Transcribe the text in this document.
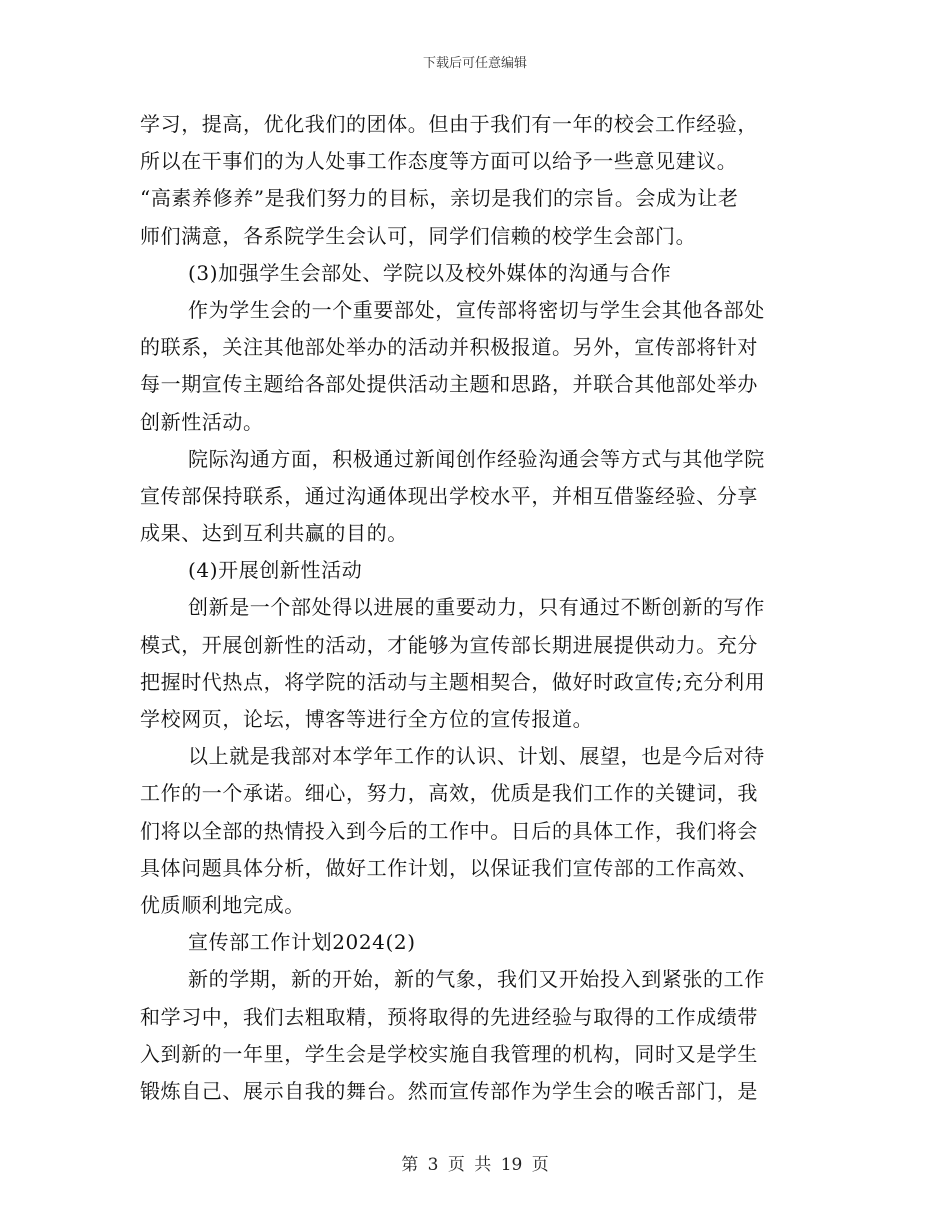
下载后可任意编辑
学习，提高，优化我们的团体。但由于我们有一年的校会工作经验，
所以在干事们的为人处事工作态度等方面可以给予一些意见建议。
“高素养修养”是我们努力的目标，亲切是我们的宗旨。会成为让老
师们满意，各系院学生会认可，同学们信赖的校学生会部门。
(3)加强学生会部处、学院以及校外媒体的沟通与合作
作为学生会的一个重要部处，宣传部将密切与学生会其他各部处
的联系，关注其他部处举办的活动并积极报道。另外，宣传部将针对
每一期宣传主题给各部处提供活动主题和思路，并联合其他部处举办
创新性活动。
院际沟通方面，积极通过新闻创作经验沟通会等方式与其他学院
宣传部保持联系，通过沟通体现出学校水平，并相互借鉴经验、分享
成果、达到互利共赢的目的。
(4)开展创新性活动
创新是一个部处得以进展的重要动力，只有通过不断创新的写作
模式，开展创新性的活动，才能够为宣传部长期进展提供动力。充分
把握时代热点，将学院的活动与主题相契合，做好时政宣传;充分利用
学校网页，论坛，博客等进行全方位的宣传报道。
以上就是我部对本学年工作的认识、计划、展望，也是今后对待
工作的一个承诺。细心，努力，高效，优质是我们工作的关键词，我
们将以全部的热情投入到今后的工作中。日后的具体工作，我们将会
具体问题具体分析，做好工作计划，以保证我们宣传部的工作高效、
优质顺利地完成。
宣传部工作计划2024(2)
新的学期，新的开始，新的气象，我们又开始投入到紧张的工作
和学习中，我们去粗取精，预将取得的先进经验与取得的工作成绩带
入到新的一年里，学生会是学校实施自我管理的机构，同时又是学生
锻炼自己、展示自我的舞台。然而宣传部作为学生会的喉舌部门，是
第 3 页 共 19 页
